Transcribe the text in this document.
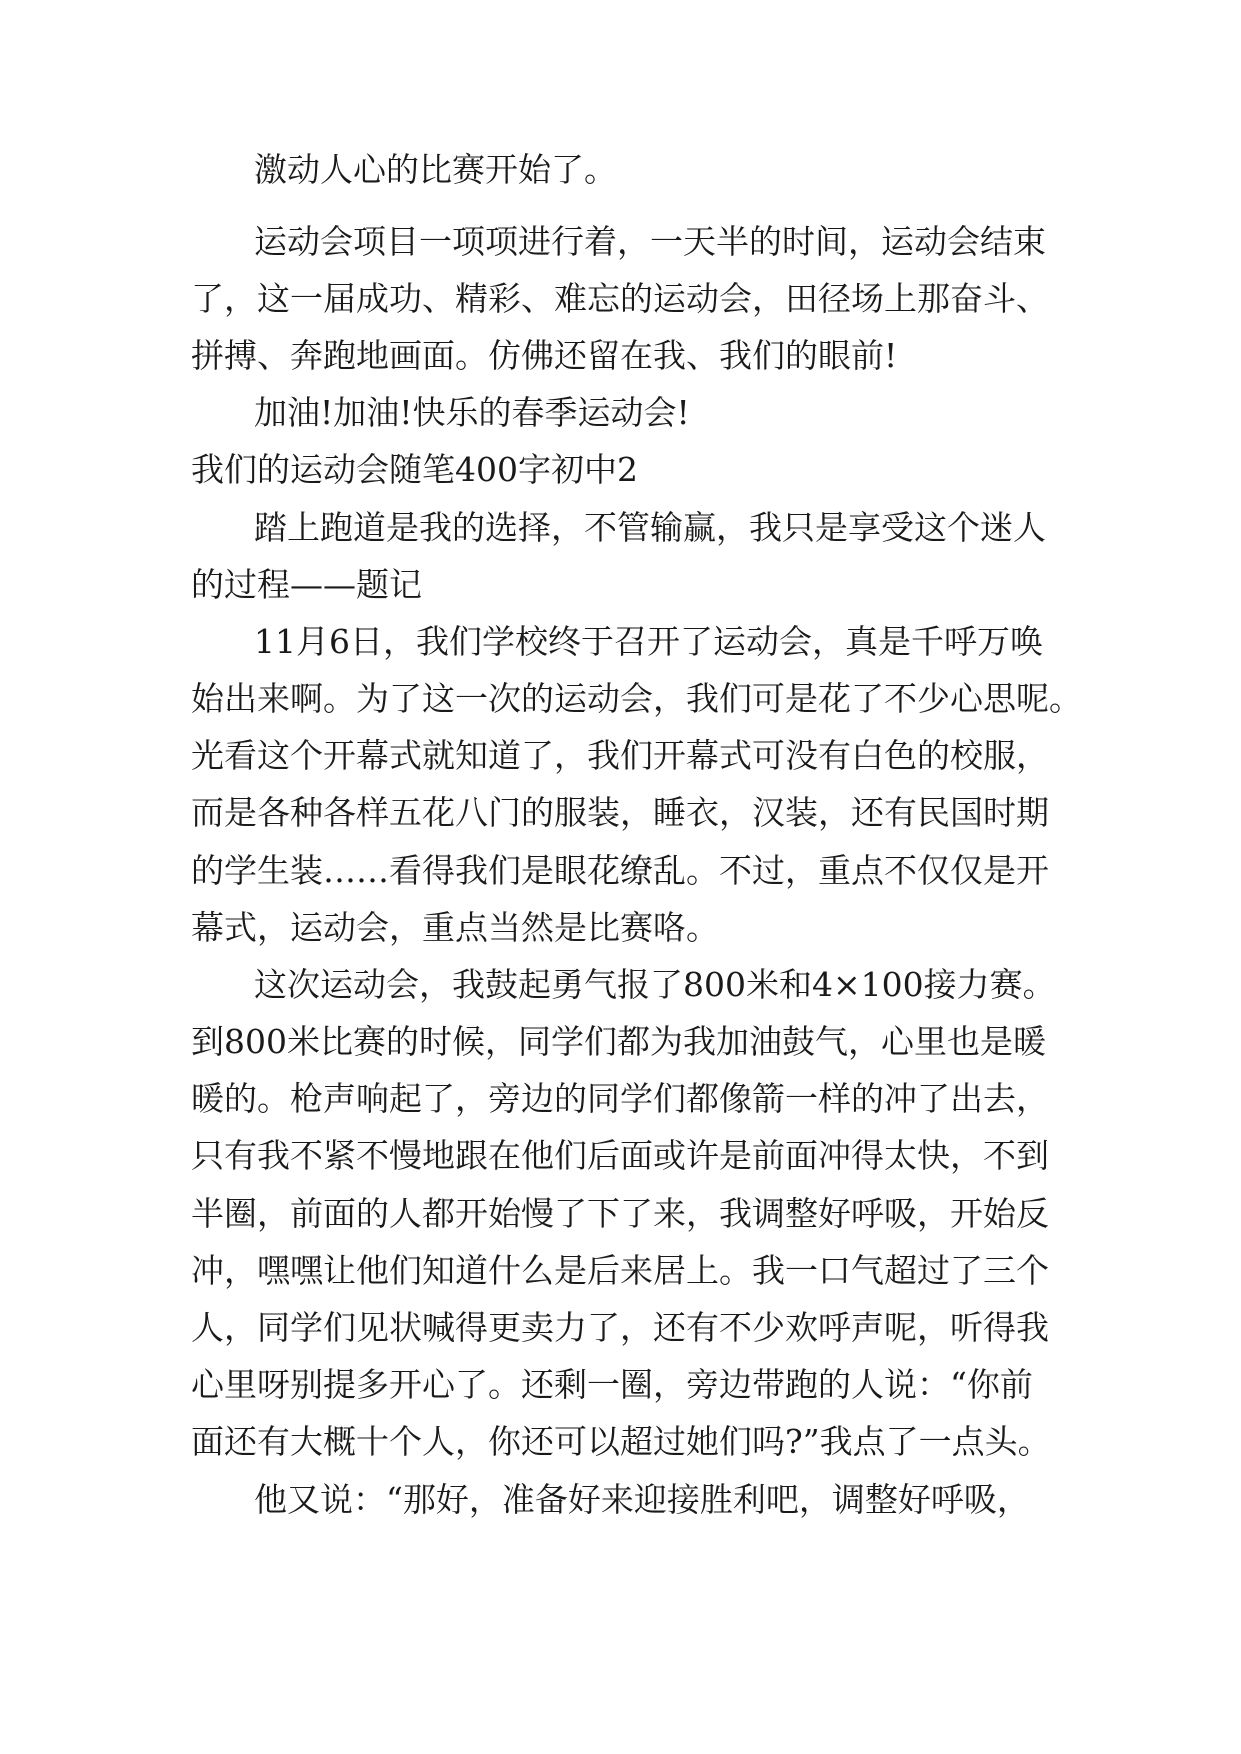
激动人心的比赛开始了。
运动会项目一项项进行着，一天半的时间，运动会结束
了，这一届成功、精彩、难忘的运动会，田径场上那奋斗、
拼搏、奔跑地画面。仿佛还留在我、我们的眼前!
加油!加油!快乐的春季运动会!
我们的运动会随笔400字初中2
踏上跑道是我的选择，不管输赢，我只是享受这个迷人
的过程——题记
11月6日，我们学校终于召开了运动会，真是千呼万唤
始出来啊。为了这一次的运动会，我们可是花了不少心思呢。
光看这个开幕式就知道了，我们开幕式可没有白色的校服，
而是各种各样五花八门的服装，睡衣，汉装，还有民国时期
的学生装……看得我们是眼花缭乱。不过，重点不仅仅是开
幕式，运动会，重点当然是比赛咯。
这次运动会，我鼓起勇气报了800米和4×100接力赛。
到800米比赛的时候，同学们都为我加油鼓气，心里也是暖
暖的。枪声响起了，旁边的同学们都像箭一样的冲了出去，
只有我不紧不慢地跟在他们后面或许是前面冲得太快，不到
半圈，前面的人都开始慢了下了来，我调整好呼吸，开始反
冲，嘿嘿让他们知道什么是后来居上。我一口气超过了三个
人，同学们见状喊得更卖力了，还有不少欢呼声呢，听得我
心里呀别提多开心了。还剩一圈，旁边带跑的人说：“你前
面还有大概十个人，你还可以超过她们吗?”我点了一点头。
他又说：“那好，准备好来迎接胜利吧，调整好呼吸，
